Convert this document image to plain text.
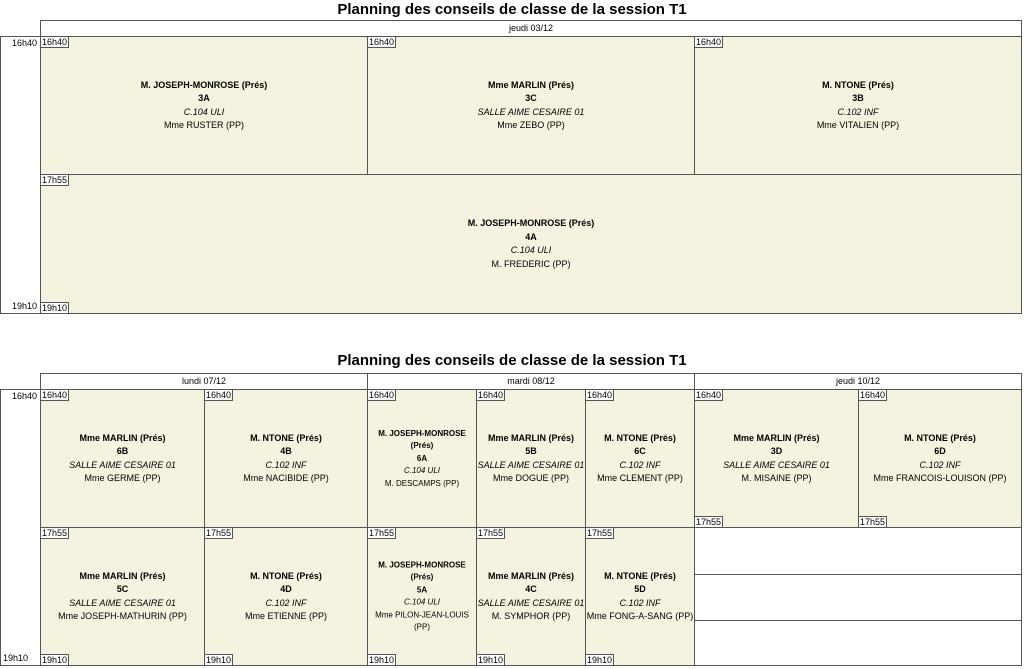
Planning des conseils de classe de la session T1
jeudi 03/12
16h40
19h10
16h40
M. JOSEPH-MONROSE (Prés)
3A
C.104 ULI
Mme RUSTER (PP)
16h40
Mme MARLIN (Prés)
3C
SALLE AIME CESAIRE 01
Mme ZEBO (PP)
16h40
M. NTONE (Prés)
3B
C.102 INF
Mme VITALIEN (PP)
17h55
19h10
M. JOSEPH-MONROSE (Prés)
4A
C.104 ULI
M. FREDERIC (PP)
Planning des conseils de classe de la session T1
lundi 07/12	mardi 08/12	jeudi 10/12
16h40
19h10
16h40
Mme MARLIN (Prés)
6B
SALLE AIME CESAIRE 01
Mme GERME (PP)
16h40
M. NTONE (Prés)
4B
C.102 INF
Mme NACIBIDE (PP)
16h40
M. JOSEPH-MONROSE (Prés)
6A
C.104 ULI
M. DESCAMPS (PP)
16h40
Mme MARLIN (Prés)
5B
SALLE AIME CESAIRE 01
Mme DOGUE (PP)
16h40
M. NTONE (Prés)
6C
C.102 INF
Mme CLEMENT (PP)
16h40
17h55
Mme MARLIN (Prés)
3D
SALLE AIME CESAIRE 01
M. MISAINE (PP)
16h40
17h55
M. NTONE (Prés)
6D
C.102 INF
Mme FRANCOIS-LOUISON (PP)
17h55
19h10
Mme MARLIN (Prés)
5C
SALLE AIME CESAIRE 01
Mme JOSEPH-MATHURIN (PP)
17h55
19h10
M. NTONE (Prés)
4D
C.102 INF
Mme ETIENNE (PP)
17h55
19h10
M. JOSEPH-MONROSE (Prés)
5A
C.104 ULI
Mme PILON-JEAN-LOUIS (PP)
17h55
19h10
Mme MARLIN (Prés)
4C
SALLE AIME CESAIRE 01
M. SYMPHOR (PP)
17h55
19h10
M. NTONE (Prés)
5D
C.102 INF
Mme FONG-A-SANG (PP)
